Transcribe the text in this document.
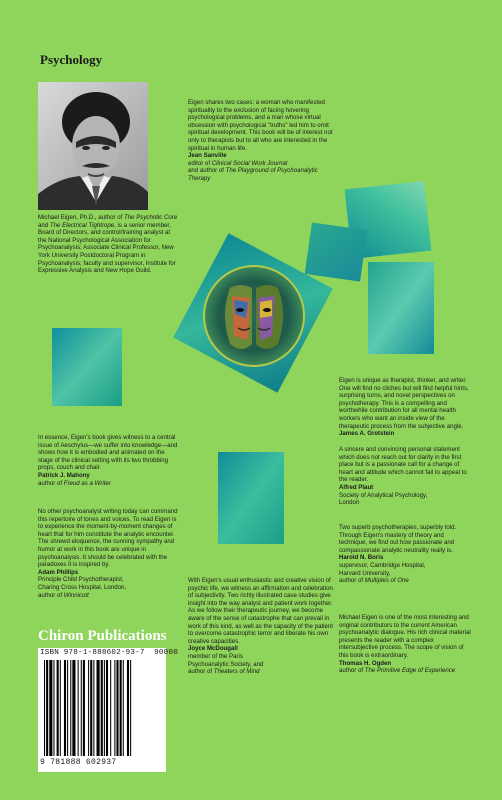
Psychology

Michael Eigen, Ph.D., author of The Psychotic Core and The Electrical Tightrope, is a senior member, Board of Directors, and control/training analyst at the National Psychological Association for Psychoanalysis; Associate Clinical Professor, New York University Postdoctoral Program in Psychoanalysis; faculty and supervisor, Institute for Expressive Analysis and New Hope Guild.

Eigen shares two cases: a woman who manifested spirituality to the exclusion of facing hovering psychological problems, and a man whose virtual obsession with psychological "truths" led him to omit spiritual development. This book will be of interest not only to therapists but to all who are interested in the spiritual in human life.

Jean Sanville

editor of Clinical Social Work Journal

and author of The Playground of Psychoanalytic Therapy

Eigen is unique as therapist, thinker, and writer. One will find no cliches but will find helpful hints, surprising turns, and novel perspectives on psychotherapy. This is a compelling and worthwhile contribution for all mental health workers who want an inside view of the therapeutic process from the subjective angle.

James A. Grotstein

A sincere and convincing personal statement which does not reach out for clarity in the first place but is a passionate call for a change of heart and attitude which cannot fail to appeal to the reader.

Alfred Plaut

Society of Analytical Psychology,

London

Two superb psychotherapies, superbly told. Through Eigen's mastery of theory and technique, we find out how passionate and compassionate analytic neutrality really is.

Harold N. Boris

supervisor, Cambridge Hospital,

Harvard University,

author of Multiples of One

Michael Eigen is one of the most interesting and original contributors to the current American psychoanalytic dialogue. His rich clinical material presents the reader with a complex intersubjective process. The scope of vision of this book is extraordinary.

Thomas H. Ogden

author of The Primitive Edge of Experience

In essence, Eigen's book gives witness to a central issue of Aeschylus—we suffer into knowledge—and shows how it is embodied and animated on the stage of the clinical setting with its two throbbing props, couch and chair.

Patrick J. Mahony

author of Freud as a Writer

No other psychoanalyst writing today can command this repertoire of tones and voices. To read Eigen is to experience the moment-by-moment changes of heart that for him constitute the analytic encounter. The shrewd eloquence, the cunning sympathy and humor at work in this book are unique in psychoanalysis. It should be celebrated with the paradoxes it is inspired by.

Adam Phillips

Principle Child Psychotherapist,

Charing Cross Hospital, London,

author of Winnicott

With Eigen's usual enthusiastic and creative vision of psychic life, we witness an affirmation and celebration of subjectivity. Two richly illustrated case studies give insight into the way analyst and patient work together. As we follow their therapeutic journey, we become aware of the sense of catastrophe that can prevail in work of this kind, as well as the capacity of the patient to overcome catastrophic terror and liberate his own creative capacities.

Joyce McDougall

member of the Paris

Psychoanalytic Society, and

author of Theaters of Mind

Chiron Publications
ISBN 978-1-888602-93-7 90000
9 781888 602937
